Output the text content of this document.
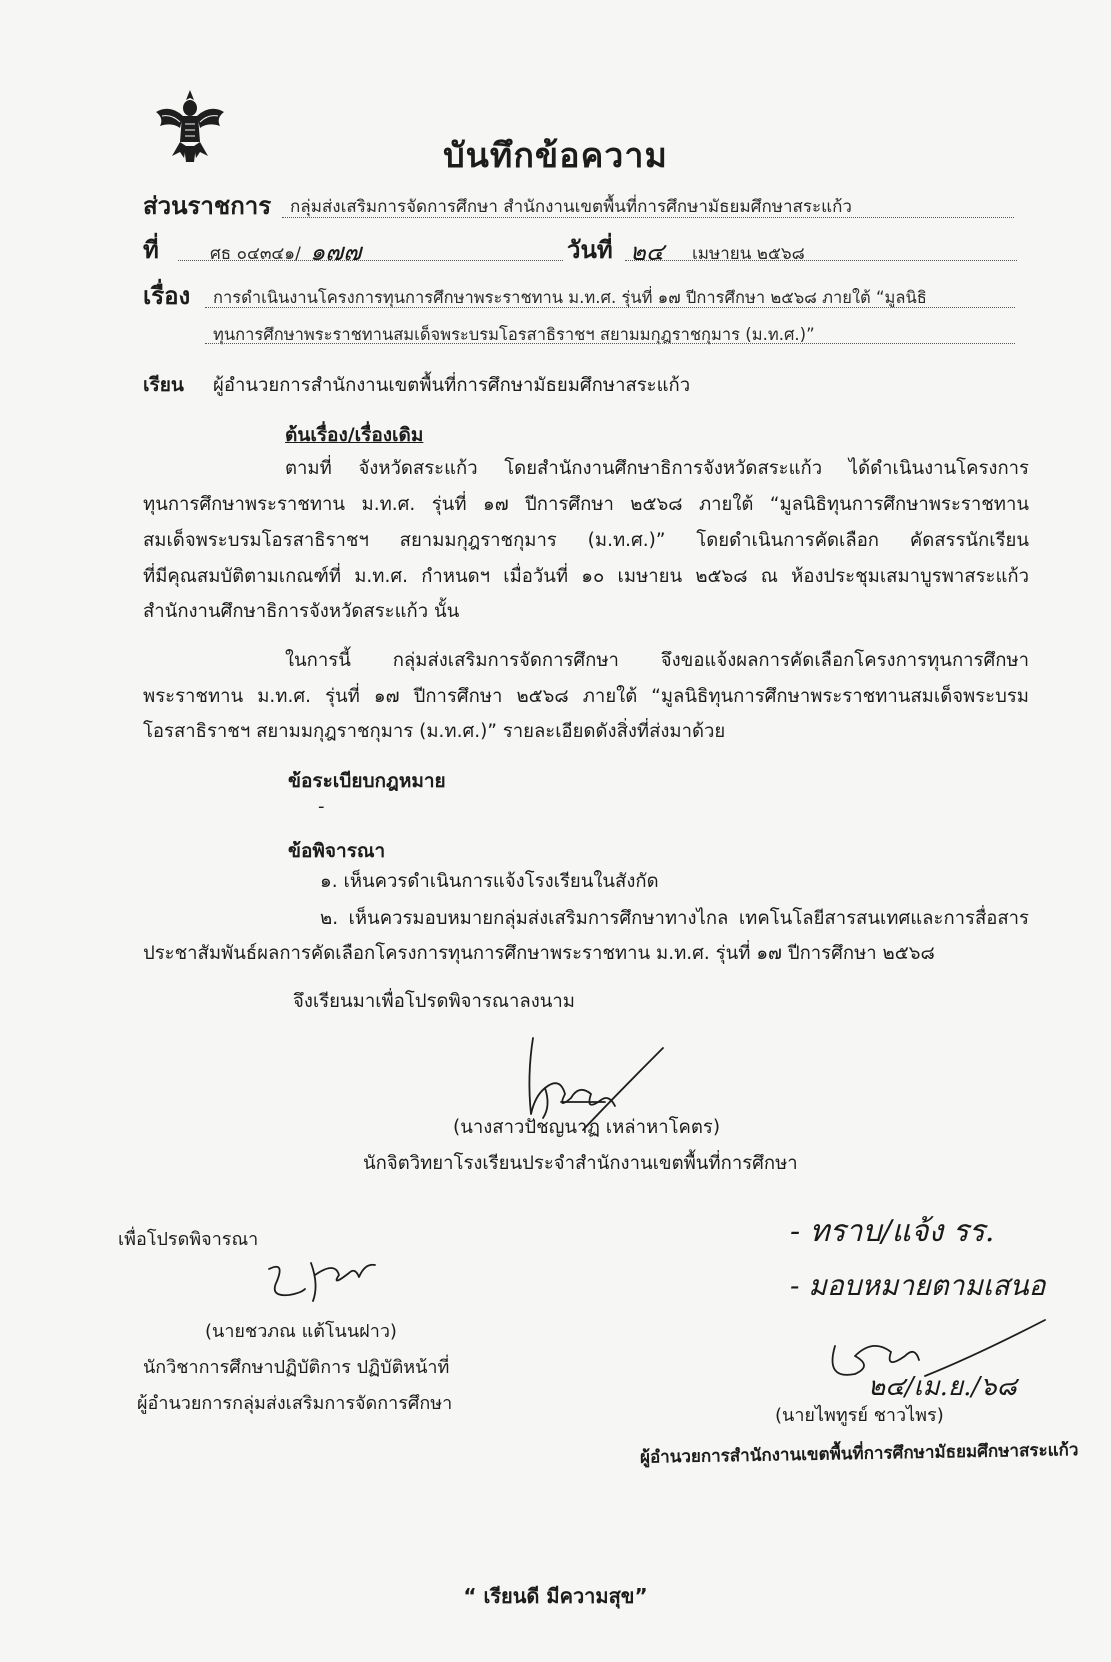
บันทึกข้อความ
ส่วนราชการ กลุ่มส่งเสริมการจัดการศึกษา สำนักงานเขตพื้นที่การศึกษามัธยมศึกษาสระแก้ว
ที่	ศธ ๐๔๓๔๑/ ๑๗๗	วันที่ ๒๔ เมษายน ๒๕๖๘
เรื่อง การดำเนินงานโครงการทุนการศึกษาพระราชทาน ม.ท.ศ. รุ่นที่ ๑๗ ปีการศึกษา ๒๕๖๘ ภายใต้ “มูลนิธิ
ทุนการศึกษาพระราชทานสมเด็จพระบรมโอรสาธิราชฯ สยามมกุฎราชกุมาร (ม.ท.ศ.)”
เรียน ผู้อำนวยการสำนักงานเขตพื้นที่การศึกษามัธยมศึกษาสระแก้ว
ต้นเรื่อง/เรื่องเดิม
ตามที่ จังหวัดสระแก้ว โดยสำนักงานศึกษาธิการจังหวัดสระแก้ว ได้ดำเนินงานโครงการ
ทุนการศึกษาพระราชทาน ม.ท.ศ. รุ่นที่ ๑๗ ปีการศึกษา ๒๕๖๘ ภายใต้ “มูลนิธิทุนการศึกษาพระราชทาน
สมเด็จพระบรมโอรสาธิราชฯ สยามมกุฎราชกุมาร (ม.ท.ศ.)” โดยดำเนินการคัดเลือก คัดสรรนักเรียน
ที่มีคุณสมบัติตามเกณฑ์ที่ ม.ท.ศ. กำหนดฯ เมื่อวันที่ ๑๐ เมษายน ๒๕๖๘ ณ ห้องประชุมเสมาบูรพาสระแก้ว
สำนักงานศึกษาธิการจังหวัดสระแก้ว นั้น
ในการนี้ กลุ่มส่งเสริมการจัดการศึกษา จึงขอแจ้งผลการคัดเลือกโครงการทุนการศึกษา
พระราชทาน ม.ท.ศ. รุ่นที่ ๑๗ ปีการศึกษา ๒๕๖๘ ภายใต้ “มูลนิธิทุนการศึกษาพระราชทานสมเด็จพระบรม
โอรสาธิราชฯ สยามมกุฎราชกุมาร (ม.ท.ศ.)” รายละเอียดดังสิ่งที่ส่งมาด้วย
ข้อระเบียบกฎหมาย
-
ข้อพิจารณา
๑. เห็นควรดำเนินการแจ้งโรงเรียนในสังกัด
๒. เห็นควรมอบหมายกลุ่มส่งเสริมการศึกษาทางไกล เทคโนโลยีสารสนเทศและการสื่อสาร
ประชาสัมพันธ์ผลการคัดเลือกโครงการทุนการศึกษาพระราชทาน ม.ท.ศ. รุ่นที่ ๑๗ ปีการศึกษา ๒๕๖๘
จึงเรียนมาเพื่อโปรดพิจารณาลงนาม
(นางสาวปัชญนาฏ เหล่าหาโคตร)
นักจิตวิทยาโรงเรียนประจำสำนักงานเขตพื้นที่การศึกษา
เพื่อโปรดพิจารณา
(นายชวภณ แต้โนนฝาว)
นักวิชาการศึกษาปฏิบัติการ ปฏิบัติหน้าที่
ผู้อำนวยการกลุ่มส่งเสริมการจัดการศึกษา
- ทราบ/แจ้ง รร.
- มอบหมายตามเสนอ
๒๔/เม.ย./๖๘
(นายไพทูรย์ ชาวไพร)
ผู้อำนวยการสำนักงานเขตพื้นที่การศึกษามัธยมศึกษาสระแก้ว
“ เรียนดี มีความสุข”
